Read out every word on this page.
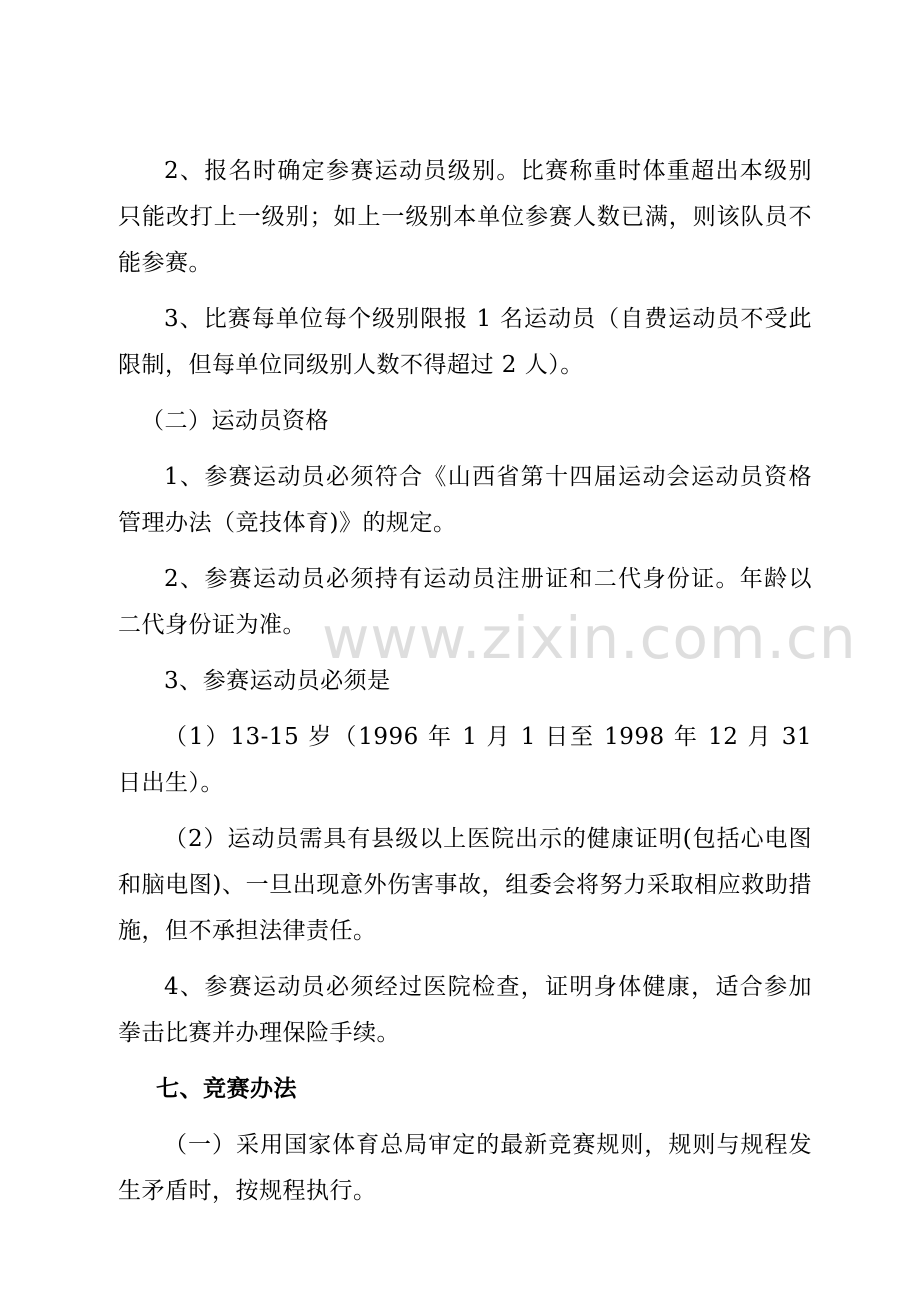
2、报名时确定参赛运动员级别。比赛称重时体重超出本级别只能改打上一级别；如上一级别本单位参赛人数已满，则该队员不能参赛。

3、比赛每单位每个级别限报 1 名运动员（自费运动员不受此限制，但每单位同级别人数不得超过 2 人）。

（二）运动员资格

1、参赛运动员必须符合《山西省第十四届运动会运动员资格管理办法（竞技体育)》的规定。

2、参赛运动员必须持有运动员注册证和二代身份证。年龄以二代身份证为准。

3、参赛运动员必须是

（1）13-15 岁（1996 年 1 月 1 日至 1998 年 12 月 31 日出生）。

（2）运动员需具有县级以上医院出示的健康证明(包括心电图和脑电图)、一旦出现意外伤害事故，组委会将努力采取相应救助措施，但不承担法律责任。

4、参赛运动员必须经过医院检查，证明身体健康，适合参加拳击比赛并办理保险手续。

七、竞赛办法

（一）采用国家体育总局审定的最新竞赛规则，规则与规程发生矛盾时，按规程执行。

www.zixin.com.cn
